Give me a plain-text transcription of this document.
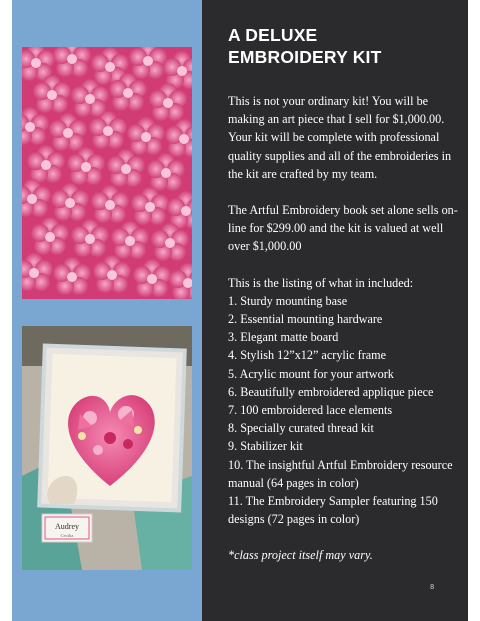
Audrey
Cecilia
A DELUXE
EMBROIDERY KIT

This is not your ordinary kit! You will be making an art piece that I sell for $1,000.00. Your kit will be complete with professional quality supplies and all of the embroideries in the kit are crafted by my team.

The Artful Embroidery book set alone sells on-line for $299.00 and the kit is valued at well over $1,000.00

This is the listing of what in included:

1. Sturdy mounting base
2. Essential mounting hardware
3. Elegant matte board
4. Stylish 12”x12” acrylic frame
5. Acrylic mount for your artwork
6. Beautifully embroidered applique piece
7. 100 embroidered lace elements
8. Specially curated thread kit
9. Stabilizer kit
10. The insightful Artful Embroidery resource manual (64 pages in color)
11. The Embroidery Sampler featuring 150 designs (72 pages in color)

*class project itself may vary.

8
